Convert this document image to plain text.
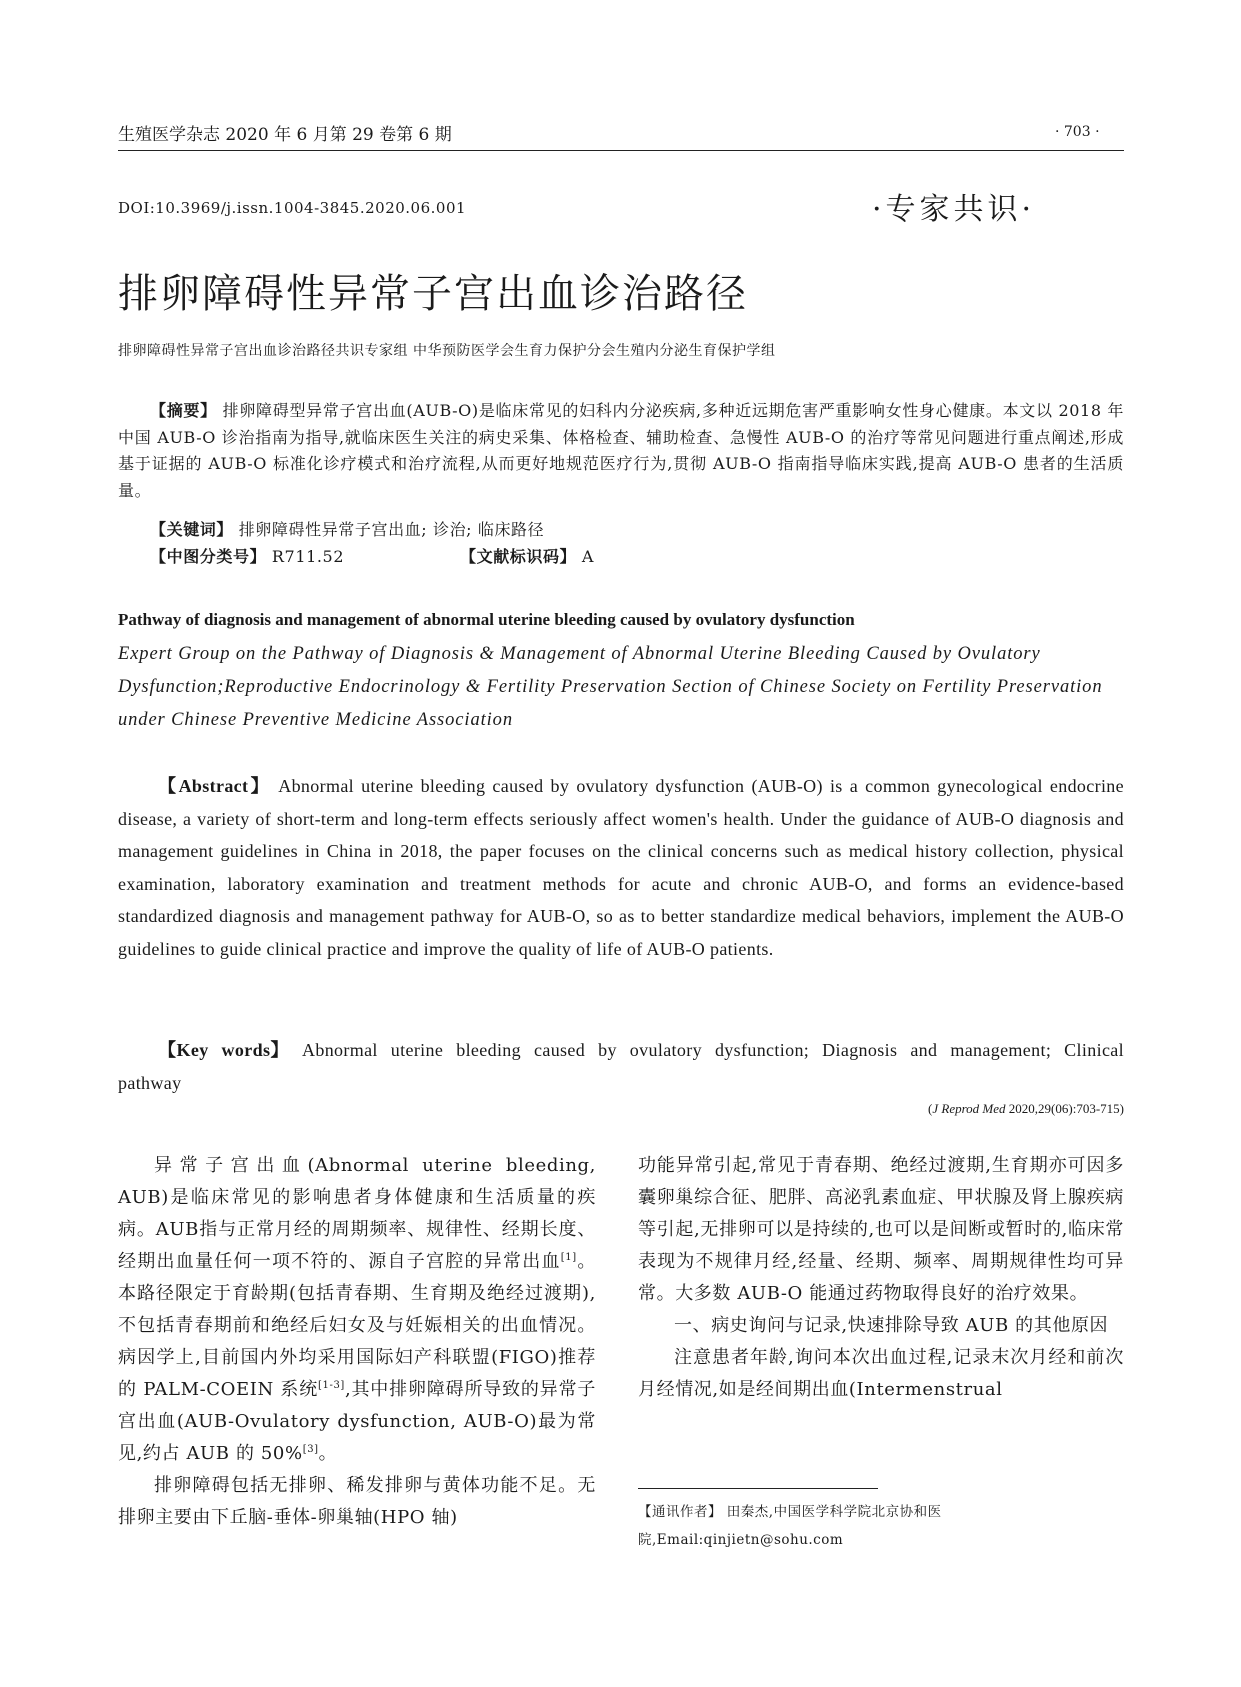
生殖医学杂志 2020 年 6 月第 29 卷第 6 期	· 703 ·
DOI:10.3969/j.issn.1004-3845.2020.06.001	·专家共识·
排卵障碍性异常子宫出血诊治路径
排卵障碍性异常子宫出血诊治路径共识专家组 中华预防医学会生育力保护分会生殖内分泌生育保护学组
【摘要】 排卵障碍型异常子宫出血(AUB-O)是临床常见的妇科内分泌疾病,多种近远期危害严重影响女性身心健康。本文以 2018 年中国 AUB-O 诊治指南为指导,就临床医生关注的病史采集、体格检查、辅助检查、急慢性 AUB-O 的治疗等常见问题进行重点阐述,形成基于证据的 AUB-O 标准化诊疗模式和治疗流程,从而更好地规范医疗行为,贯彻 AUB-O 指南指导临床实践,提高 AUB-O 患者的生活质量。
【关键词】 排卵障碍性异常子宫出血; 诊治; 临床路径
【中图分类号】 R711.52	【文献标识码】 A
Pathway of diagnosis and management of abnormal uterine bleeding caused by ovulatory dysfunction
Expert Group on the Pathway of Diagnosis & Management of Abnormal Uterine Bleeding Caused by Ovulatory Dysfunction;Reproductive Endocrinology & Fertility Preservation Section of Chinese Society on Fertility Preservation under Chinese Preventive Medicine Association
【Abstract】 Abnormal uterine bleeding caused by ovulatory dysfunction (AUB-O) is a common gynecological endocrine disease, a variety of short-term and long-term effects seriously affect women's health. Under the guidance of AUB-O diagnosis and management guidelines in China in 2018, the paper focuses on the clinical concerns such as medical history collection, physical examination, laboratory examination and treatment methods for acute and chronic AUB-O, and forms an evidence-based standardized diagnosis and management pathway for AUB-O, so as to better standardize medical behaviors, implement the AUB-O guidelines to guide clinical practice and improve the quality of life of AUB-O patients.
【Key words】 Abnormal uterine bleeding caused by ovulatory dysfunction; Diagnosis and management; Clinical pathway
(J Reprod Med 2020,29(06):703-715)

异常子宫出血(Abnormal uterine bleeding, AUB)是临床常见的影响患者身体健康和生活质量的疾病。AUB指与正常月经的周期频率、规律性、经期长度、经期出血量任何一项不符的、源自子宫腔的异常出血[1]。本路径限定于育龄期(包括青春期、生育期及绝经过渡期),不包括青春期前和绝经后妇女及与妊娠相关的出血情况。病因学上,目前国内外均采用国际妇产科联盟(FIGO)推荐的 PALM-COEIN 系统[1-3],其中排卵障碍所导致的异常子宫出血(AUB-Ovulatory dysfunction, AUB-O)最为常见,约占 AUB 的 50%[3]。

排卵障碍包括无排卵、稀发排卵与黄体功能不足。无排卵主要由下丘脑-垂体-卵巢轴(HPO 轴)

功能异常引起,常见于青春期、绝经过渡期,生育期亦可因多囊卵巢综合征、肥胖、高泌乳素血症、甲状腺及肾上腺疾病等引起,无排卵可以是持续的,也可以是间断或暂时的,临床常表现为不规律月经,经量、经期、频率、周期规律性均可异常。大多数 AUB-O 能通过药物取得良好的治疗效果。

一、病史询问与记录,快速排除导致 AUB 的其他原因

注意患者年龄,询问本次出血过程,记录末次月经和前次月经情况,如是经间期出血(Intermenstrual

【通讯作者】 田秦杰,中国医学科学院北京协和医院,Email:qinjietn@sohu.com
